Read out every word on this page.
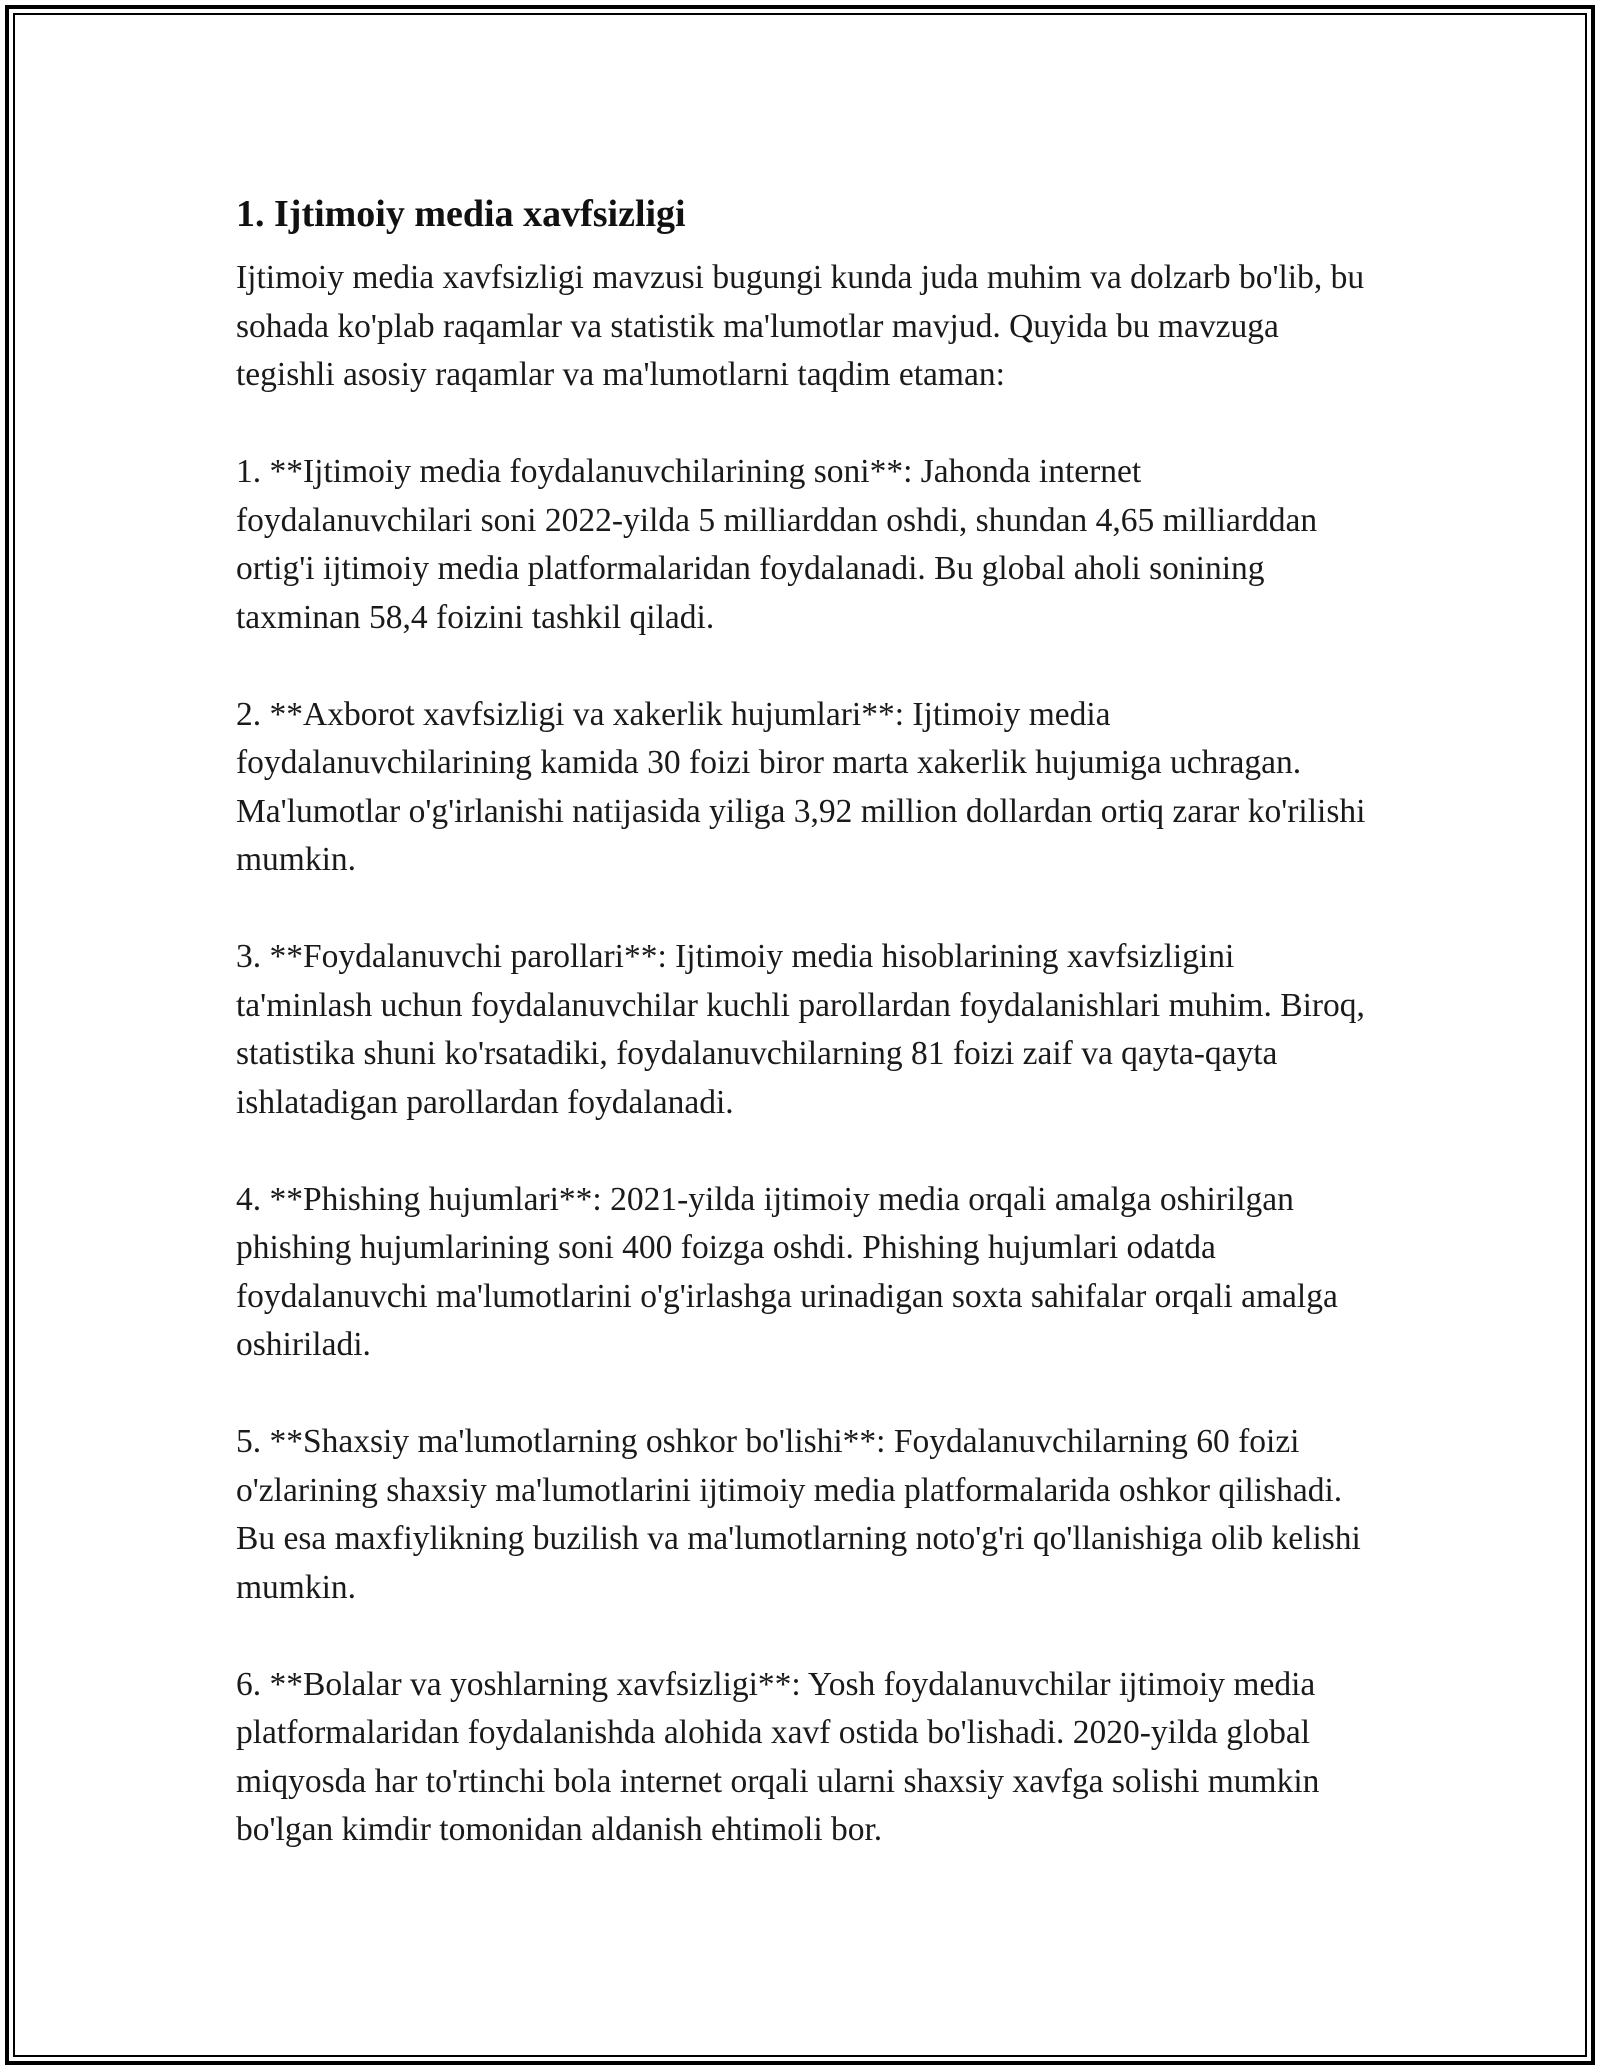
1. Ijtimoiy media xavfsizligi

Ijtimoiy media xavfsizligi mavzusi bugungi kunda juda muhim va dolzarb bo'lib, bu sohada ko'plab raqamlar va statistik ma'lumotlar mavjud. Quyida bu mavzuga tegishli asosiy raqamlar va ma'lumotlarni taqdim etaman:

1. **Ijtimoiy media foydalanuvchilarining soni**: Jahonda internet foydalanuvchilari soni 2022-yilda 5 milliarddan oshdi, shundan 4,65 milliarddan ortig'i ijtimoiy media platformalaridan foydalanadi. Bu global aholi sonining taxminan 58,4 foizini tashkil qiladi.

2. **Axborot xavfsizligi va xakerlik hujumlari**: Ijtimoiy media foydalanuvchilarining kamida 30 foizi biror marta xakerlik hujumiga uchragan. Ma'lumotlar o'g'irlanishi natijasida yiliga 3,92 million dollardan ortiq zarar ko'rilishi mumkin.

3. **Foydalanuvchi parollari**: Ijtimoiy media hisoblarining xavfsizligini ta'minlash uchun foydalanuvchilar kuchli parollardan foydalanishlari muhim. Biroq, statistika shuni ko'rsatadiki, foydalanuvchilarning 81 foizi zaif va qayta-qayta ishlatadigan parollardan foydalanadi.

4. **Phishing hujumlari**: 2021-yilda ijtimoiy media orqali amalga oshirilgan phishing hujumlarining soni 400 foizga oshdi. Phishing hujumlari odatda foydalanuvchi ma'lumotlarini o'g'irlashga urinadigan soxta sahifalar orqali amalga oshiriladi.

5. **Shaxsiy ma'lumotlarning oshkor bo'lishi**: Foydalanuvchilarning 60 foizi o'zlarining shaxsiy ma'lumotlarini ijtimoiy media platformalarida oshkor qilishadi. Bu esa maxfiylikning buzilish va ma'lumotlarning noto'g'ri qo'llanishiga olib kelishi mumkin.

6. **Bolalar va yoshlarning xavfsizligi**: Yosh foydalanuvchilar ijtimoiy media platformalaridan foydalanishda alohida xavf ostida bo'lishadi. 2020-yilda global miqyosda har to'rtinchi bola internet orqali ularni shaxsiy xavfga solishi mumkin bo'lgan kimdir tomonidan aldanish ehtimoli bor.
